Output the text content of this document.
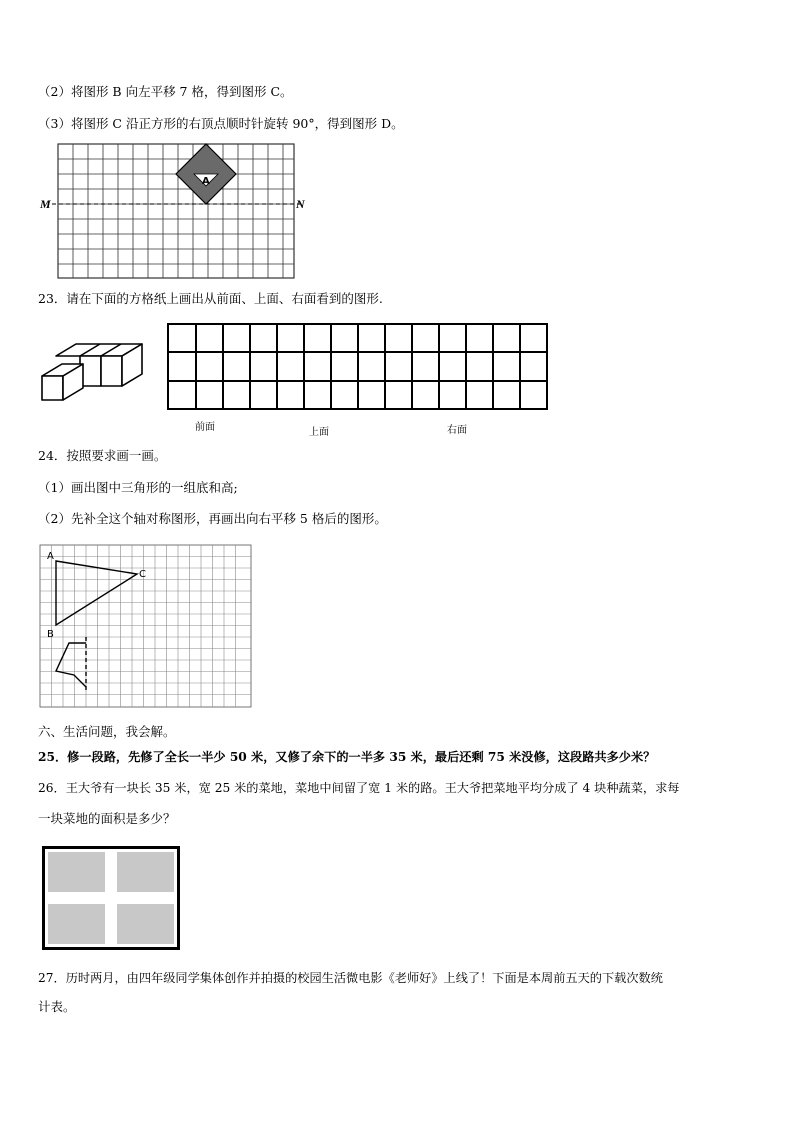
（2）将图形 B 向左平移 7 格，得到图形 C。
（3）将图形 C 沿正方形的右顶点顺时针旋转 90°，得到图形 D。
A
M	N
23．请在下面的方格纸上画出从前面、上面、右面看到的图形.
前面	上面	右面
24．按照要求画一画。
（1）画出图中三角形的一组底和高;
（2）先补全这个轴对称图形，再画出向右平移 5 格后的图形。
A
B
C
六、生活问题，我会解。
25．修一段路，先修了全长一半少 50 米，又修了余下的一半多 35 米，最后还剩 75 米没修，这段路共多少米？
26．王大爷有一块长 35 米，宽 25 米的菜地，菜地中间留了宽 1 米的路。王大爷把菜地平均分成了 4 块种蔬菜，求每
一块菜地的面积是多少？
27．历时两月，由四年级同学集体创作并拍摄的校园生活微电影《老师好》上线了！下面是本周前五天的下载次数统
计表。
